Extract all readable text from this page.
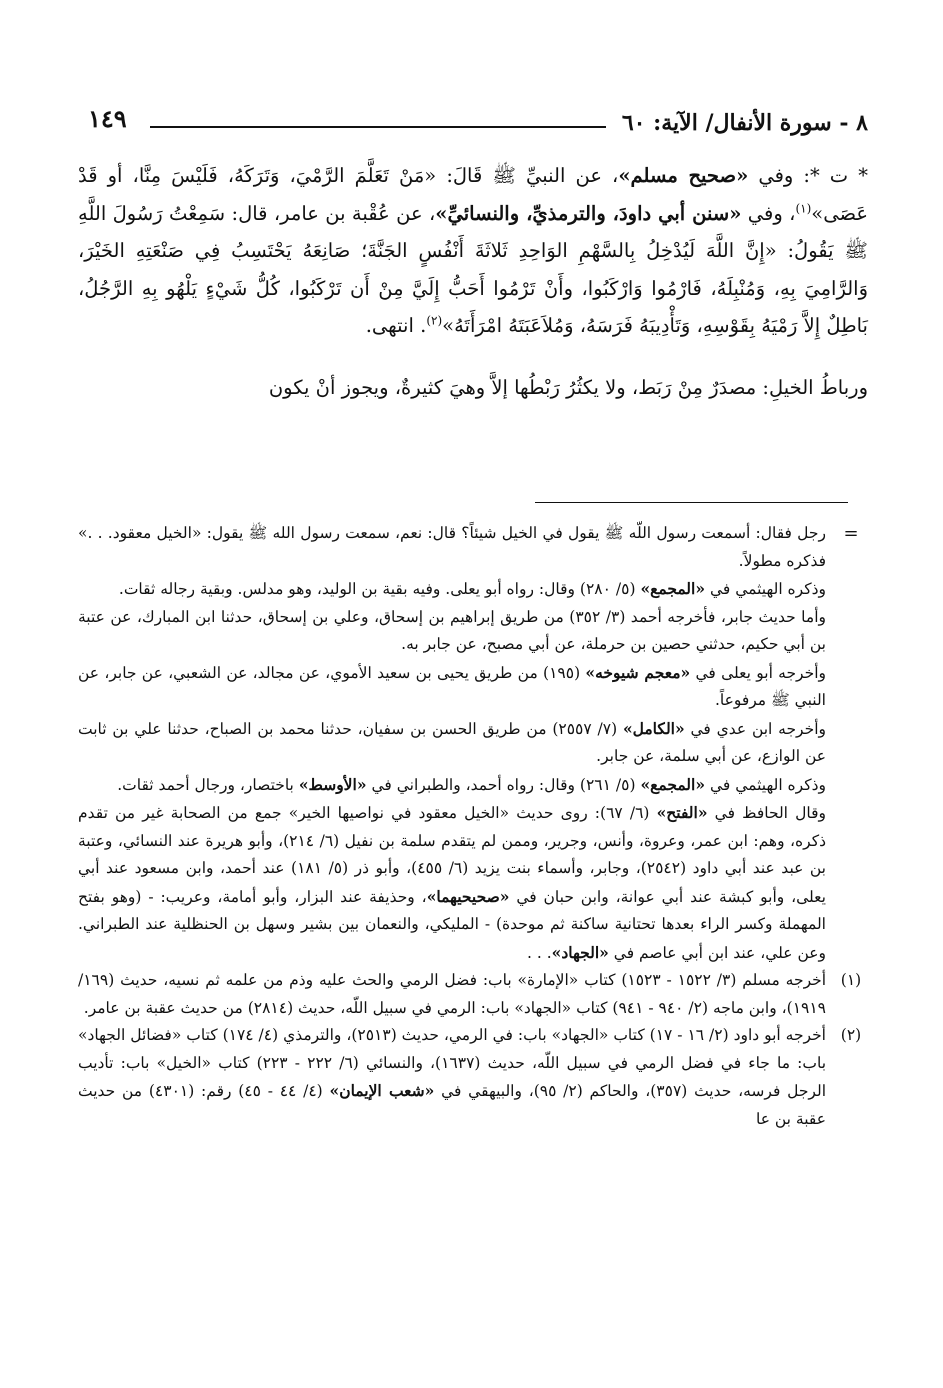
٨ - سورة الأنفال/ الآية: ٦٠
١٤٩

* ت *: وفي «صحيح مسلم»، عن النبيِّ ﷺ قَالَ: «مَنْ تَعَلَّمَ الرَّمْيَ، وَتَرَكَهُ، فَلَيْسَ مِنَّا، أو قَدْ عَصَى»$^{(١)}$، وفي «سنن أبي داودَ، والترمذيِّ، والنسائيِّ»، عن عُقْبة بن عامر، قال: سَمِعْتُ رَسُولَ اللَّهِ ﷺ يَقُولُ: «إِنَّ اللَّهَ لَيُدْخِلُ بِالسَّهْمِ الوَاحِدِ ثَلاثَةَ أَنْفُسٍ الجَنَّةَ؛ صَانِعَهُ يَحْتَسِبُ فِي صَنْعَتِهِ الخَيْرَ، وَالرَّامِيَ بِهِ، وَمُنْبِلَهُ، فَارْمُوا وَارْكَبُوا، وأَنْ تَرْمُوا أَحَبُّ إِلَيَّ مِنْ أَن تَرْكَبُوا، كُلُّ شَيْءٍ يَلْهُو بِهِ الرَّجُلُ، بَاطِلٌ إِلاَّ رَمْيَهُ بِقَوْسِهِ، وَتَأْدِيبَهُ فَرَسَهُ، وَمُلاَعَبَتَهُ امْرَأَتَهُ»$^{(٢)}$. انتهى.

ورباطُ الخيلِ: مصدَرٌ مِنْ رَبَط، ولا يكثُرُ رَبْطُها إلاَّ وهيَ كثيرةٌ، ويجوز أنْ يكون

=

رجل فقال: أسمعت رسول اللّه ﷺ يقول في الخيل شيئاً؟ قال: نعم، سمعت رسول الله ﷺ يقول: «الخيل معقود. . .» فذكره مطولاً.

وذكره الهيثمي في «المجمع» (٥/ ٢٨٠) وقال: رواه أبو يعلى. وفيه بقية بن الوليد، وهو مدلس. وبقية رجاله ثقات.

وأما حديث جابر، فأخرجه أحمد (٣/ ٣٥٢) من طريق إبراهيم بن إسحاق، وعلي بن إسحاق، حدثنا ابن المبارك، عن عتبة بن أبي حكيم، حدثني حصين بن حرملة، عن أبي مصبح، عن جابر به.

وأخرجه أبو يعلى في «معجم شيوخه» (١٩٥) من طريق يحيى بن سعيد الأموي، عن مجالد، عن الشعبي، عن جابر، عن النبي ﷺ مرفوعاً.

وأخرجه ابن عدي في «الكامل» (٧/ ٢٥٥٧) من طريق الحسن بن سفيان، حدثنا محمد بن الصباح، حدثنا علي بن ثابت عن الوازع، عن أبي سلمة، عن جابر.

وذكره الهيثمي في «المجمع» (٥/ ٢٦١) وقال: رواه أحمد، والطبراني في «الأوسط» باختصار، ورجال أحمد ثقات.

وقال الحافظ في «الفتح» (٦/ ٦٧): روى حديث «الخيل معقود في نواصيها الخير» جمع من الصحابة غير من تقدم ذكره، وهم: ابن عمر، وعروة، وأنس، وجرير، وممن لم يتقدم سلمة بن نفيل (٦/ ٢١٤)، وأبو هريرة عند النسائي، وعتبة بن عبد عند أبي داود (٢٥٤٢)، وجابر، وأسماء بنت يزيد (٦/ ٤٥٥)، وأبو ذر (٥/ ١٨١) عند أحمد، وابن مسعود عند أبي يعلى، وأبو كبشة عند أبي عوانة، وابن حبان في «صحيحيهما»، وحذيفة عند البزار، وأبو أمامة، وعريب: - (وهو بفتح المهملة وكسر الراء بعدها تحتانية ساكنة ثم موحدة) - المليكي، والنعمان بين بشير وسهل بن الحنظلية عند الطبراني. وعن علي، عند ابن أبي عاصم في «الجهاد». . .

(١)

أخرجه مسلم (٣/ ١٥٢٢ - ١٥٢٣) كتاب «الإمارة» باب: فضل الرمي والحث عليه وذم من علمه ثم نسيه، حديث (١٦٩/ ١٩١٩)، وابن ماجه (٢/ ٩٤٠ - ٩٤١) كتاب «الجهاد» باب: الرمي في سبيل اللّه، حديث (٢٨١٤) من حديث عقبة بن عامر.

(٢)

أخرجه أبو داود (٢/ ١٦ - ١٧) كتاب «الجهاد» باب: في الرمي، حديث (٢٥١٣)، والترمذي (٤/ ١٧٤) كتاب «فضائل الجهاد» باب: ما جاء في فضل الرمي في سبيل اللّه، حديث (١٦٣٧)، والنسائي (٦/ ٢٢٢ - ٢٢٣) كتاب «الخيل» باب: تأديب الرجل فرسه، حديث (٣٥٧)، والحاكم (٢/ ٩٥)، والبيهقي في «شعب الإيمان» (٤/ ٤٤ - ٤٥) رقم: (٤٣٠١) من حديث عقبة بن عا
